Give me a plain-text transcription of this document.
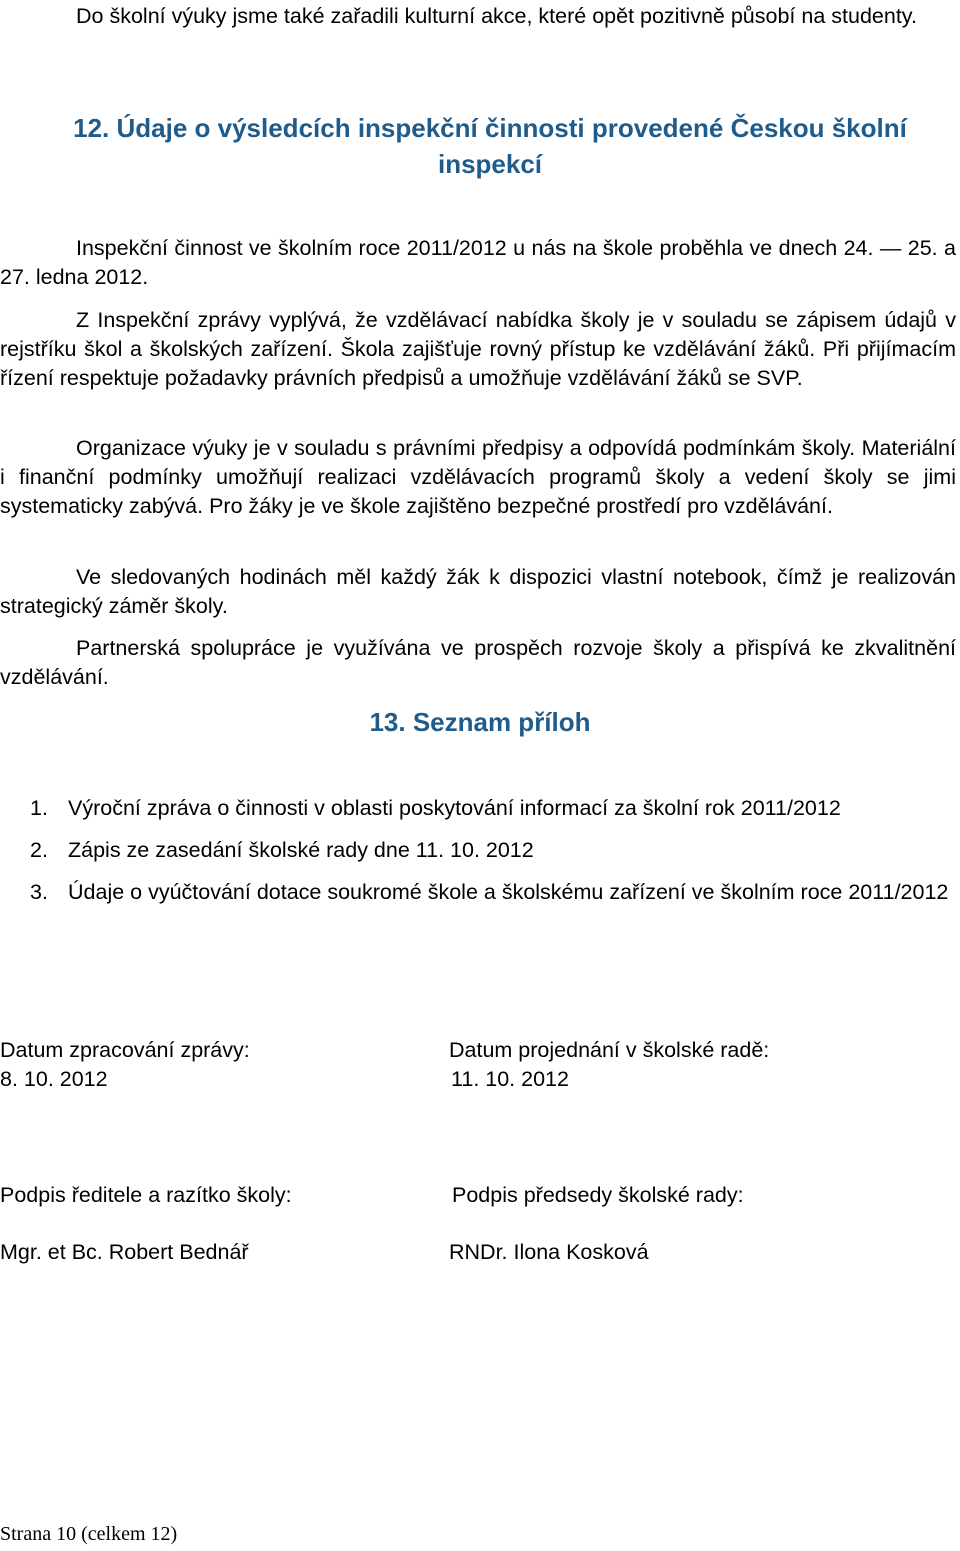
Do školní výuky jsme také zařadili kulturní akce, které opět pozitivně působí na studenty.

12. Údaje o výsledcích inspekční činnosti provedené Českou školní inspekcí

Inspekční činnost ve školním roce 2011/2012 u nás na škole proběhla ve dnech 24. — 25. a 27. ledna 2012.

Z Inspekční zprávy vyplývá, že vzdělávací nabídka školy je v souladu se zápisem údajů v rejstříku škol a školských zařízení. Škola zajišťuje rovný přístup ke vzdělávání žáků. Při přijímacím řízení respektuje požadavky právních předpisů a umožňuje vzdělávání žáků se SVP.

Organizace výuky je v souladu s právními předpisy a odpovídá podmínkám školy. Materiální i finanční podmínky umožňují realizaci vzdělávacích programů školy a vedení školy se jimi systematicky zabývá. Pro žáky je ve škole zajištěno bezpečné prostředí pro vzdělávání.

Ve sledovaných hodinách měl každý žák k dispozici vlastní notebook, čímž je realizován strategický záměr školy.

Partnerská spolupráce je využívána ve prospěch rozvoje školy a přispívá ke zkvalitnění vzdělávání.

13. Seznam příloh
1. Výroční zpráva o činnosti v oblasti poskytování informací za školní rok 2011/2012
2. Zápis ze zasedání školské rady dne 11. 10. 2012
3. Údaje o vyúčtování dotace soukromé škole a školskému zařízení ve školním roce 2011/2012
Datum zpracování zprávy:
8. 10. 2012
Datum projednání v školské radě:
11. 10. 2012
Podpis ředitele a razítko školy:
Mgr. et Bc. Robert Bednář
Podpis předsedy školské rady:
RNDr. Ilona Kosková
Strana 10 (celkem 12)
